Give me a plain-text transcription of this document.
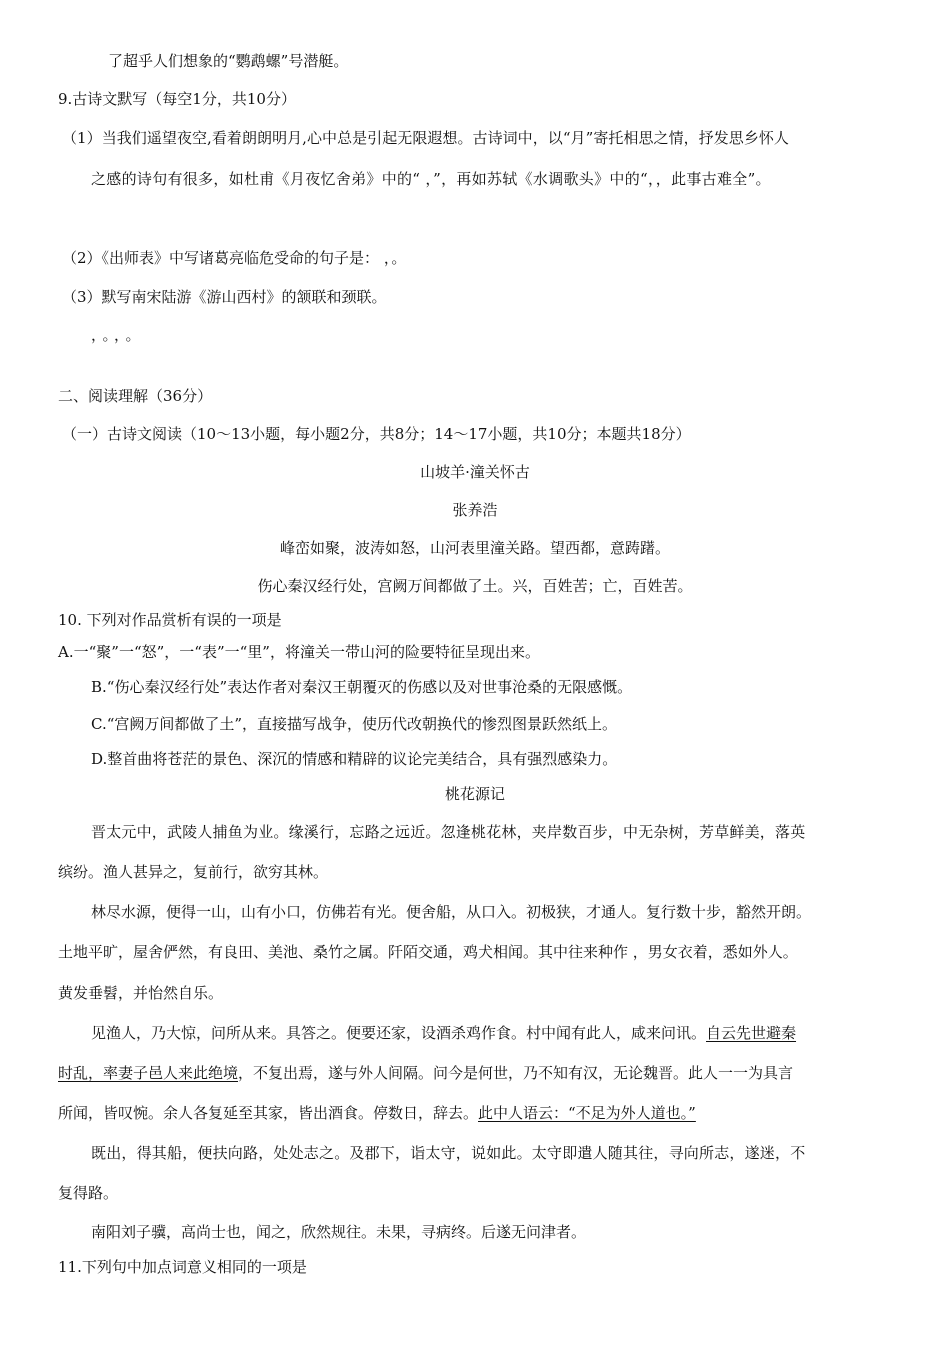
了超乎人们想象的“鹦鹉螺”号潜艇。
9.古诗文默写（每空1分，共10分）
（1）当我们遥望夜空,看着朗朗明月,心中总是引起无限遐想。古诗词中，以“月”寄托相思之情，抒发思乡怀人
之感的诗句有很多，如杜甫《月夜忆舍弟》中的“ ，”，再如苏轼《水调歌头》中的“，，此事古难全”。
（2）《出师表》中写诸葛亮临危受命的句子是： ，。
（3）默写南宋陆游《游山西村》的颔联和颈联。
，。，。
二、阅读理解（36分）
（一）古诗文阅读（10～13小题，每小题2分，共8分；14～17小题，共10分；本题共18分）
山坡羊·潼关怀古
张养浩
峰峦如聚，波涛如怒，山河表里潼关路。望西都，意踌躇。
伤心秦汉经行处，宫阙万间都做了土。兴，百姓苦；亡，百姓苦。
10. 下列对作品赏析有误的一项是
A.一“聚”一“怒”，一“表”一“里”，将潼关一带山河的险要特征呈现出来。
B.“伤心秦汉经行处”表达作者对秦汉王朝覆灭的伤感以及对世事沧桑的无限感慨。
C.“宫阙万间都做了土”，直接描写战争，使历代改朝换代的惨烈图景跃然纸上。
D.整首曲将苍茫的景色、深沉的情感和精辟的议论完美结合，具有强烈感染力。
桃花源记
晋太元中，武陵人捕鱼为业。缘溪行，忘路之远近。忽逢桃花林，夹岸数百步，中无杂树，芳草鲜美，落英
缤纷。渔人甚异之，复前行，欲穷其林。
林尽水源，便得一山，山有小口，仿佛若有光。便舍船，从口入。初极狭，才通人。复行数十步，豁然开朗。
土地平旷，屋舍俨然，有良田、美池、桑竹之属。阡陌交通，鸡犬相闻。其中往来种作 ，男女衣着，悉如外人。
黄发垂髫，并怡然自乐。
见渔人，乃大惊，问所从来。具答之。便要还家，设酒杀鸡作食。村中闻有此人，咸来问讯。自云先世避秦
时乱，率妻子邑人来此绝境，不复出焉，遂与外人间隔。问今是何世，乃不知有汉，无论魏晋。此人一一为具言
所闻，皆叹惋。余人各复延至其家，皆出酒食。停数日，辞去。此中人语云：“不足为外人道也。”
既出，得其船，便扶向路，处处志之。及郡下，诣太守，说如此。太守即遣人随其往，寻向所志，遂迷，不
复得路。
南阳刘子骥，高尚士也，闻之，欣然规往。未果，寻病终。后遂无问津者。
11.下列句中加点词意义相同的一项是
